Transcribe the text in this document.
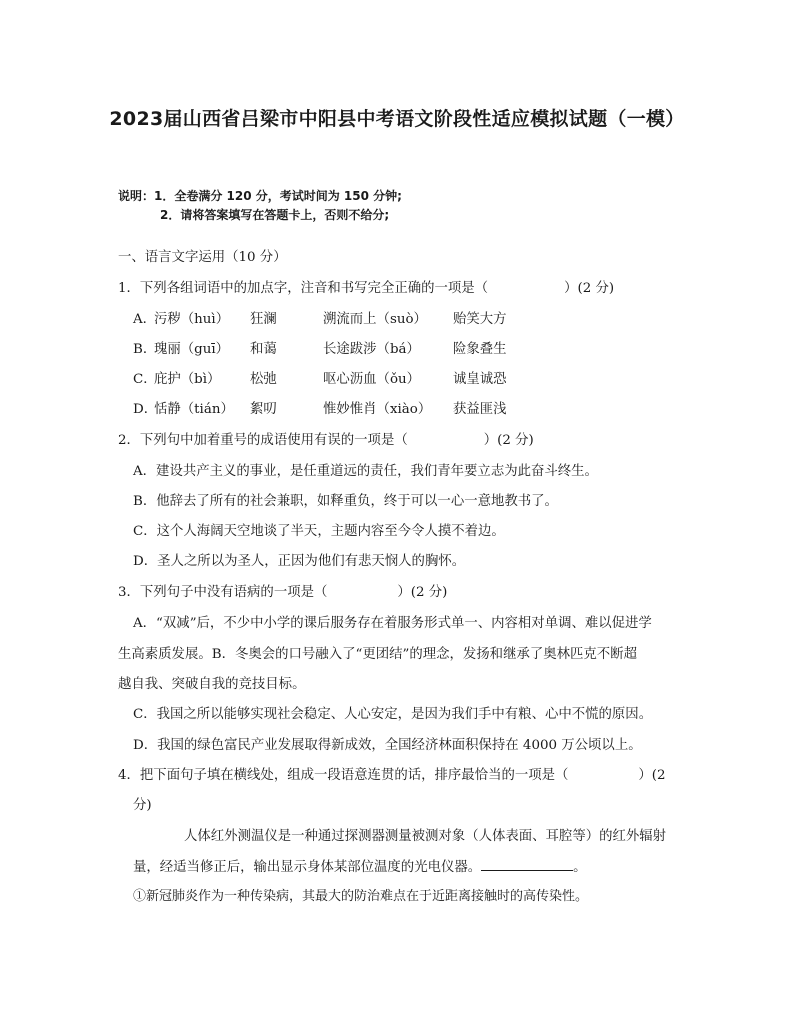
2023届山西省吕梁市中阳县中考语文阶段性适应模拟试题（一模）
说明：1．全卷满分 120 分，考试时间为 150 分钟;
2．请将答案填写在答题卡上，否则不给分;
一、语言文字运用（10 分）
1．下列各组词语中的加点字，注音和书写完全正确的一项是（	）(2 分)
A．
污秽（huì） 狂澜	溯流而上（suò） 贻笑大方
B．
瑰丽（guī） 和蔼	长途跋涉（bá） 险象叠生
C．
庇护（bì） 松弛	呕心沥血（ǒu） 诚皇诚恐
D．
恬静（tián） 絮叨	惟妙惟肖（xiào） 获益匪浅
2．下列句中加着重号的成语使用有误的一项是（	）(2 分)
A．建设共产主义的事业，是任重道远的责任，我们青年要立志为此奋斗终生。
B．他辞去了所有的社会兼职，如释重负，终于可以一心一意地教书了。
C．这个人海阔天空地谈了半天，主题内容至今令人摸不着边。
D．圣人之所以为圣人，正因为他们有悲天悯人的胸怀。
3．下列句子中没有语病的一项是（	）(2 分)
A．“双减”后，不少中小学的课后服务存在着服务形式单一、内容相对单调、难以促进学
生高素质发展。B．冬奥会的口号融入了“更团结”的理念，发扬和继承了奥林匹克不断超
越自我、突破自我的竞技目标。
C．我国之所以能够实现社会稳定、人心安定，是因为我们手中有粮、心中不慌的原因。
D．我国的绿色富民产业发展取得新成效，全国经济林面积保持在 4000 万公顷以上。
4．把下面句子填在横线处，组成一段语意连贯的话，排序最恰当的一项是（	）(2
分)
人体红外测温仪是一种通过探测器测量被测对象（人体表面、耳腔等）的红外辐射
量，经适当修正后，输出显示身体某部位温度的光电仪器。	。
①新冠肺炎作为一种传染病，其最大的防治难点在于近距离接触时的高传染性。
